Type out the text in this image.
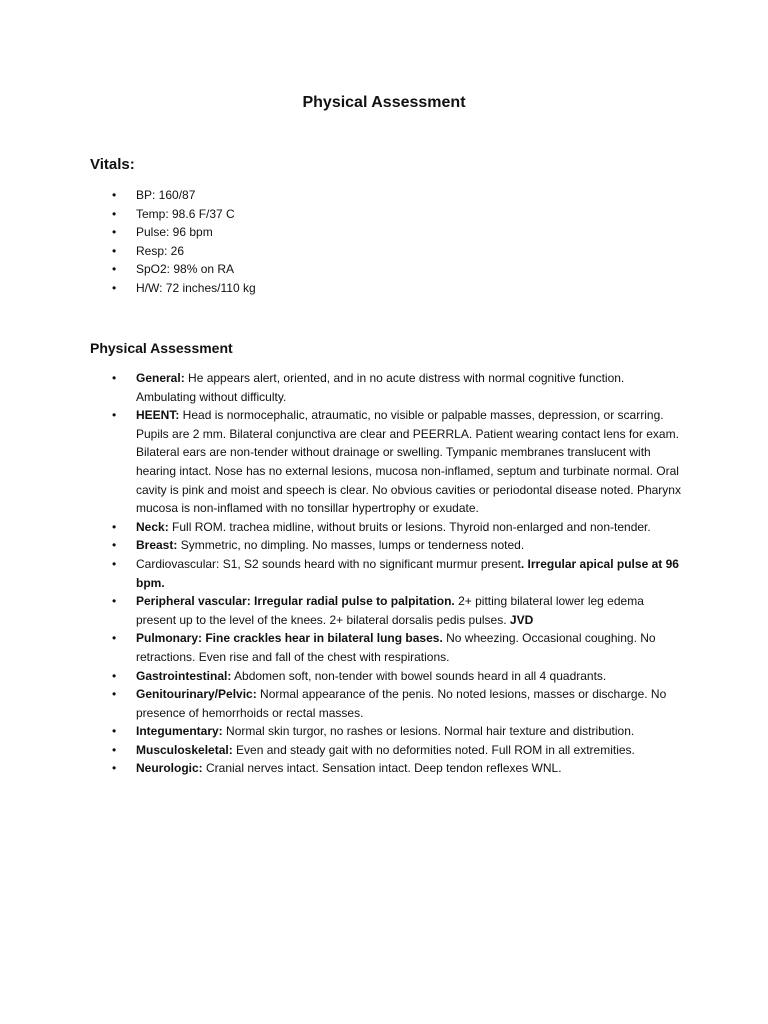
Physical Assessment
Vitals:
• BP: 160/87
• Temp: 98.6 F/37 C
• Pulse: 96 bpm
• Resp: 26
• SpO2: 98% on RA
• H/W: 72 inches/110 kg
Physical Assessment
• General: He appears alert, oriented, and in no acute distress with normal cognitive function. Ambulating without difficulty.
• HEENT: Head is normocephalic, atraumatic, no visible or palpable masses, depression, or scarring. Pupils are 2 mm. Bilateral conjunctiva are clear and PEERRLA. Patient wearing contact lens for exam. Bilateral ears are non-tender without drainage or swelling. Tympanic membranes translucent with hearing intact. Nose has no external lesions, mucosa non-inflamed, septum and turbinate normal. Oral cavity is pink and moist and speech is clear. No obvious cavities or periodontal disease noted. Pharynx mucosa is non-inflamed with no tonsillar hypertrophy or exudate.
• Neck: Full ROM. trachea midline, without bruits or lesions. Thyroid non-enlarged and non-tender.
• Breast: Symmetric, no dimpling. No masses, lumps or tenderness noted.
• Cardiovascular: S1, S2 sounds heard with no significant murmur present. Irregular apical pulse at 96 bpm.
• Peripheral vascular: Irregular radial pulse to palpitation. 2+ pitting bilateral lower leg edema present up to the level of the knees. 2+ bilateral dorsalis pedis pulses. JVD
• Pulmonary: Fine crackles hear in bilateral lung bases. No wheezing. Occasional coughing. No retractions. Even rise and fall of the chest with respirations.
• Gastrointestinal: Abdomen soft, non-tender with bowel sounds heard in all 4 quadrants.
• Genitourinary/Pelvic: Normal appearance of the penis. No noted lesions, masses or discharge. No presence of hemorrhoids or rectal masses.
• Integumentary: Normal skin turgor, no rashes or lesions. Normal hair texture and distribution.
• Musculoskeletal: Even and steady gait with no deformities noted. Full ROM in all extremities.
• Neurologic: Cranial nerves intact. Sensation intact. Deep tendon reflexes WNL.
